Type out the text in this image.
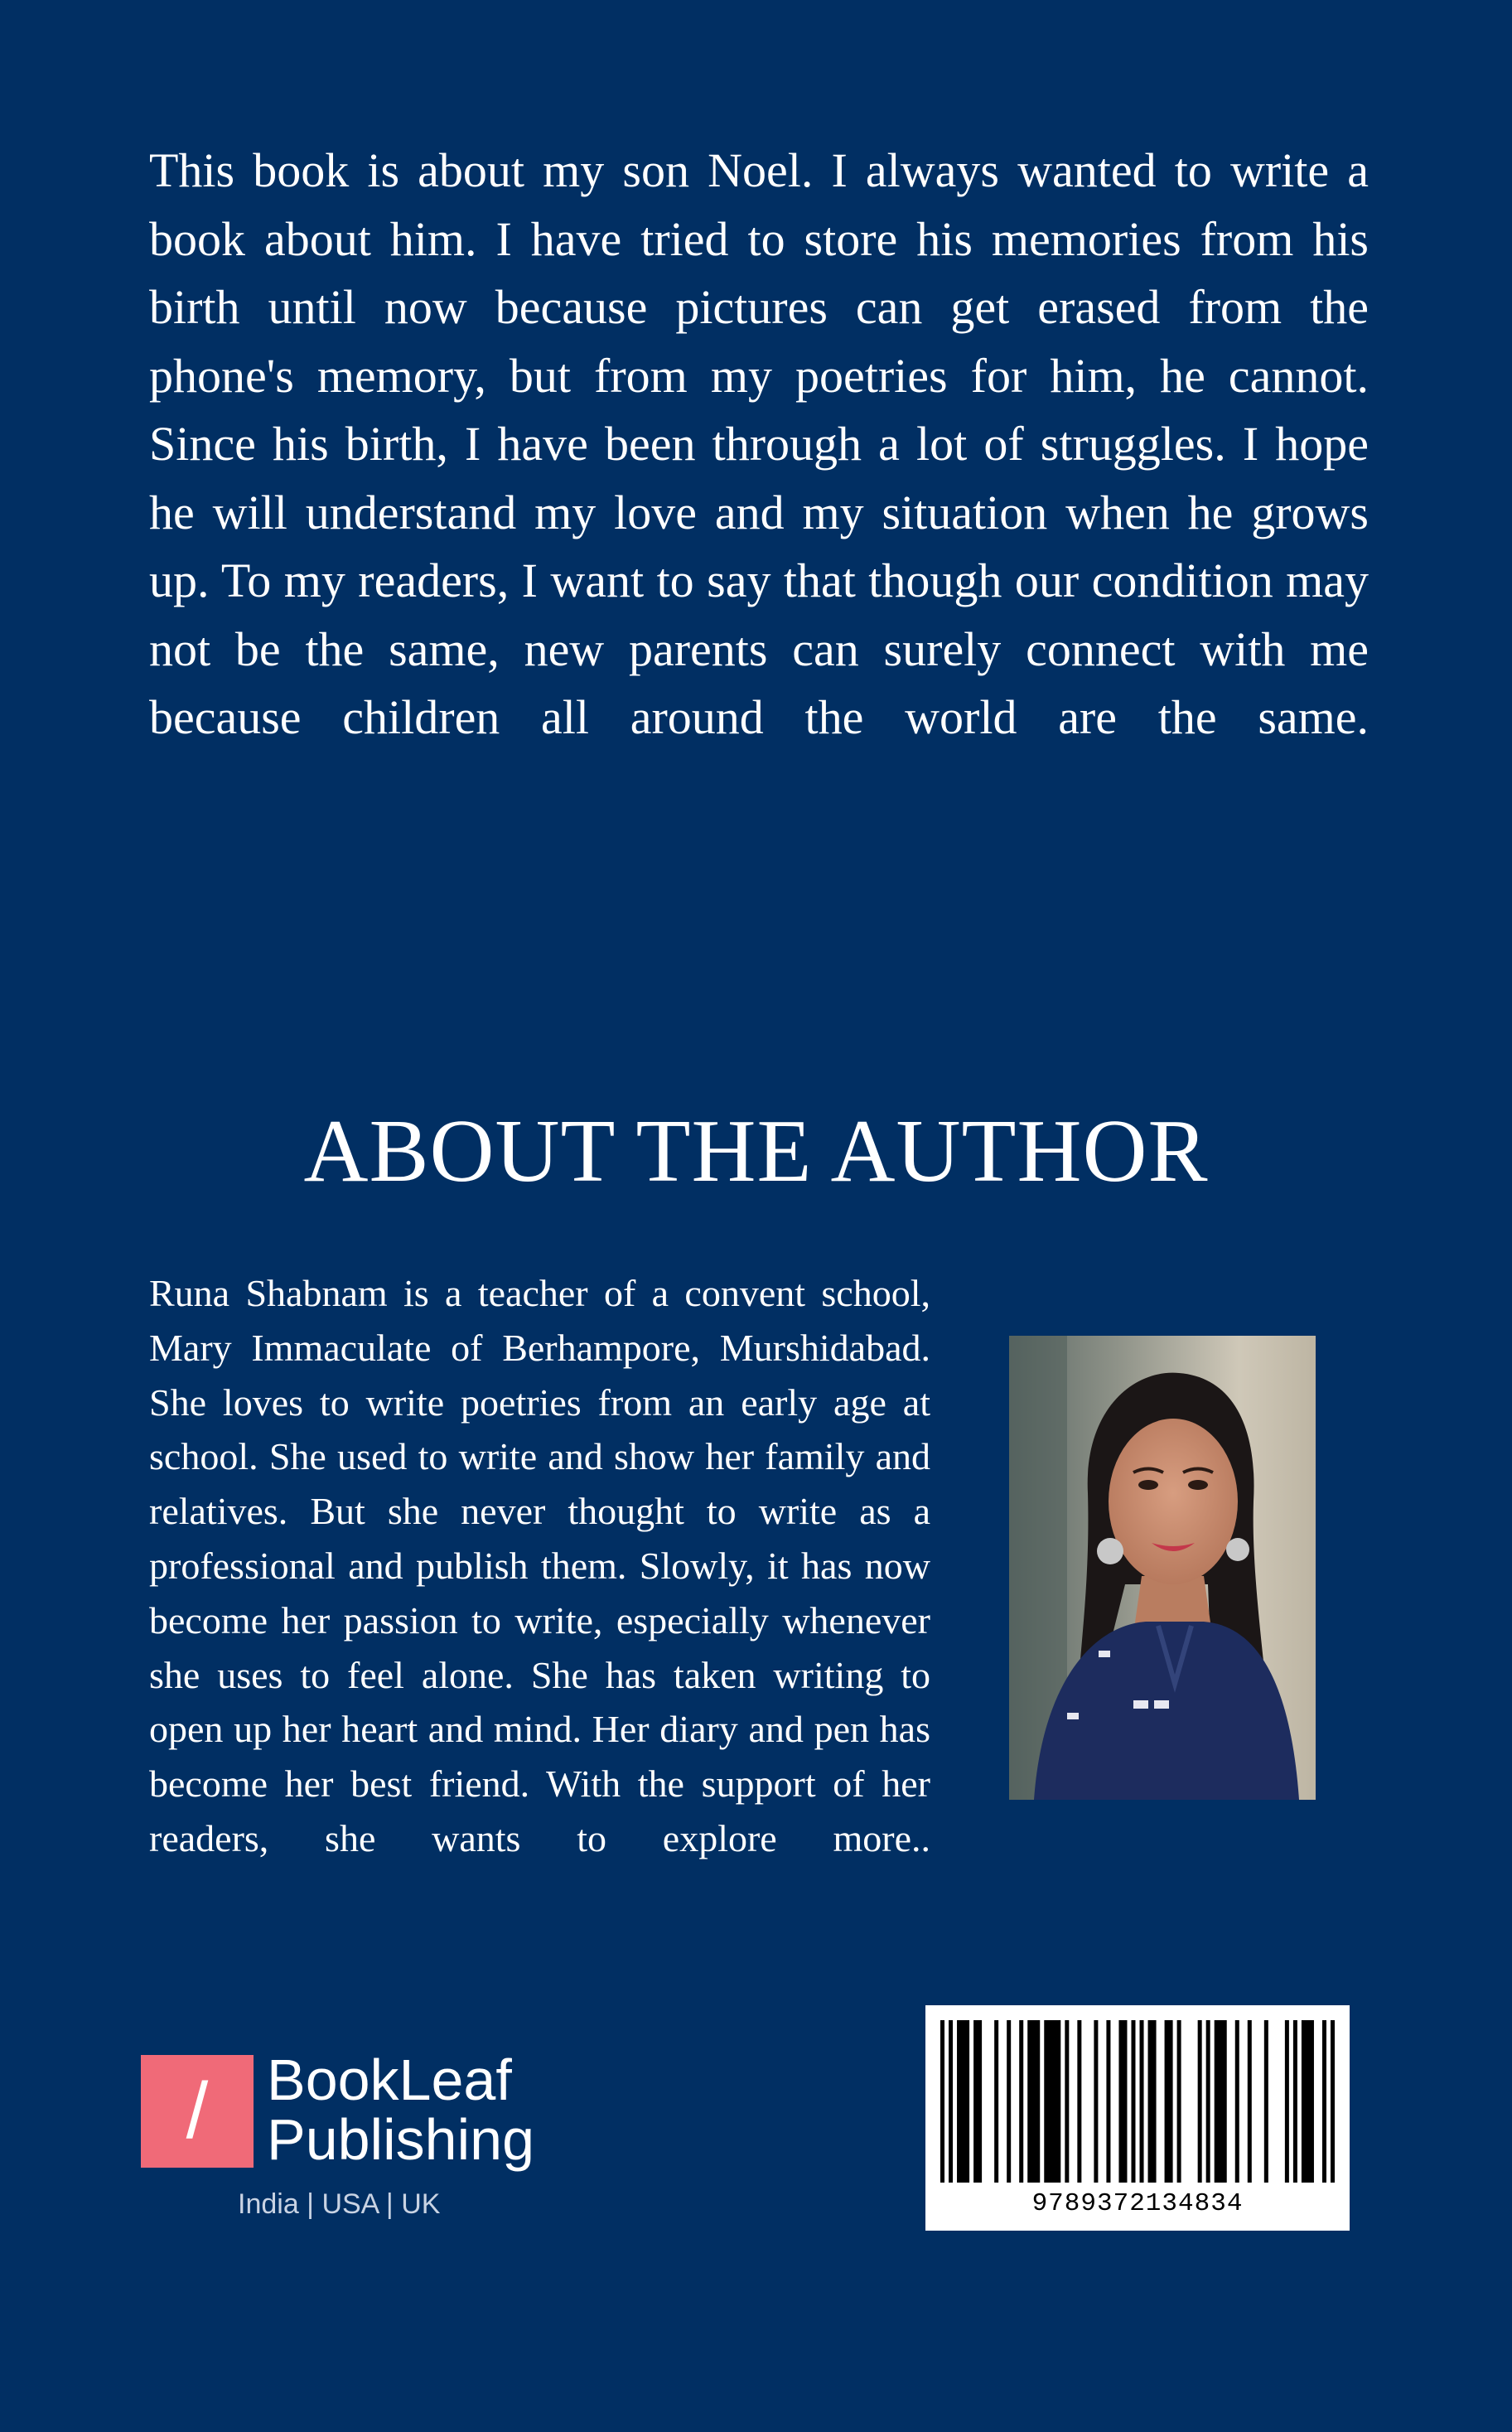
This book is about my son Noel. I always wanted to write a book about him. I have tried to store his memories from his birth until now because pictures can get erased from the phone's memory, but from my poetries for him, he cannot. Since his birth, I have been through a lot of struggles. I hope he will understand my love and my situation when he grows up. To my readers, I want to say that though our condition may not be the same, new parents can surely connect with me because children all around the world are the same.

ABOUT THE AUTHOR

Runa Shabnam is a teacher of a convent school, Mary Immaculate of Berhampore, Murshidabad. She loves to write poetries from an early age at school. She used to write and show her family and relatives. But she never thought to write as a professional and publish them. Slowly, it has now become her passion to write, especially whenever she uses to feel alone. She has taken writing to open up her heart and mind. Her diary and pen has become her best friend. With the support of her readers, she wants to explore more..

/	BookLeaf
Publishing
India | USA | UK	9789372134834
